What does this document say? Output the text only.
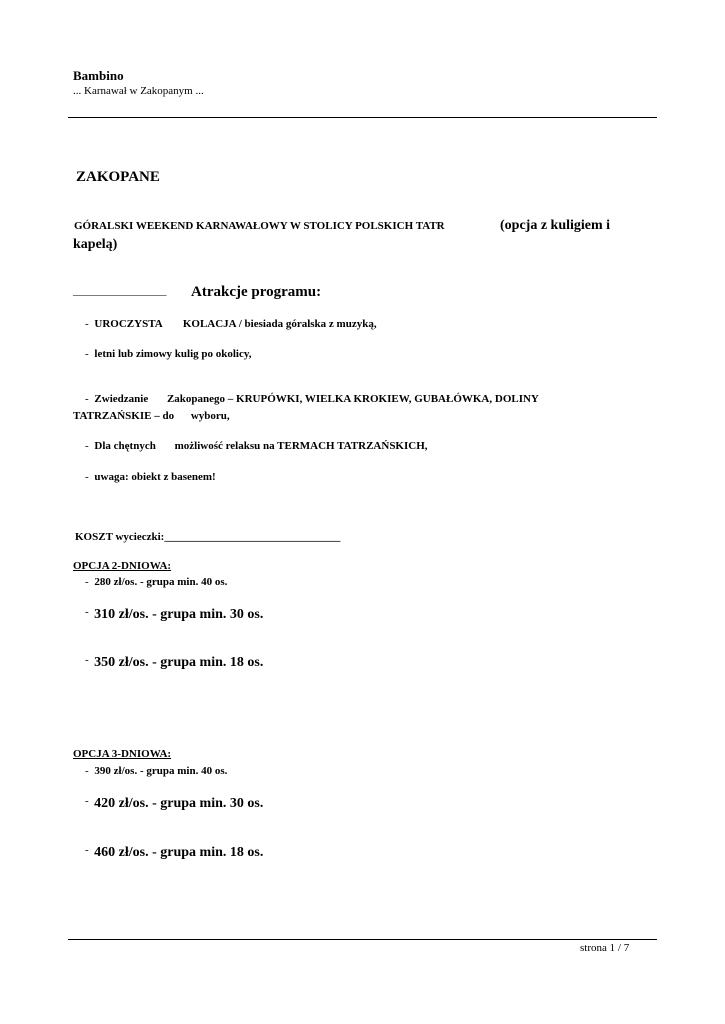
Bambino
... Karnawał w Zakopanym ...
ZAKOPANE
GÓRALSKI WEEKEND KARNAWAŁOWY W STOLICY POLSKICH TATR	(opcja z kuligiem i
kapelą)
_________________ Atrakcje programu:
- UROCZYSTA KOLACJA / biesiada góralska z muzyką,
- letni lub zimowy kulig po okolicy,
- Zwiedzanie Zakopanego – KRUPÓWKI, WIELKA KROKIEW, GUBAŁÓWKA, DOLINY
TATRZAŃSKIE – do wyboru,
- Dla chętnych możliwość relaksu na TERMACH TATRZAŃSKICH,
- uwaga: obiekt z basenem!
KOSZT wycieczki:________________________________
OPCJA 2-DNIOWA:
- 280 zł/os. - grupa min. 40 os.
- 310 zł/os. - grupa min. 30 os.
- 350 zł/os. - grupa min. 18 os.
OPCJA 3-DNIOWA:
- 390 zł/os. - grupa min. 40 os.
- 420 zł/os. - grupa min. 30 os.
- 460 zł/os. - grupa min. 18 os.
strona 1 / 7
